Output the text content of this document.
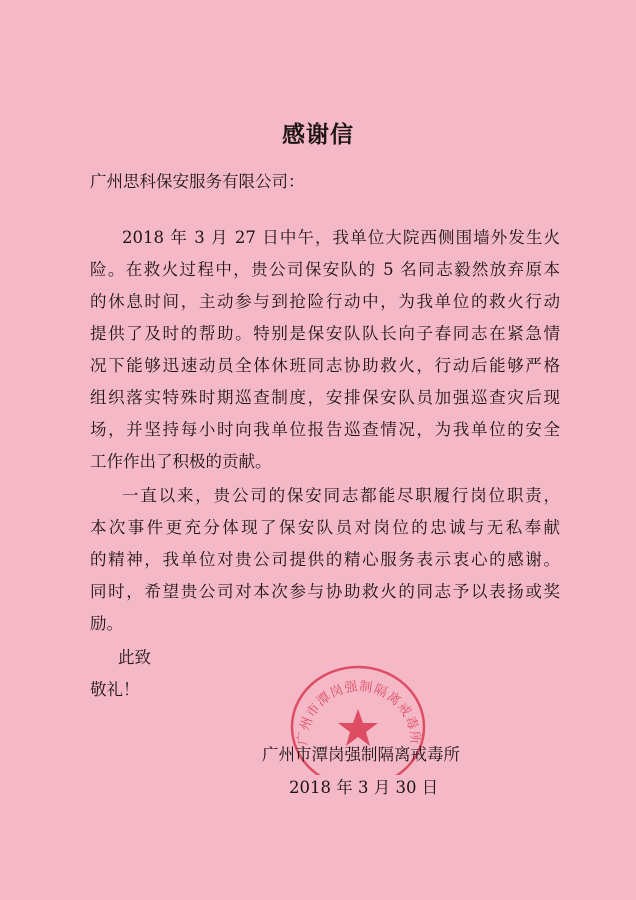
感谢信
广州思科保安服务有限公司：
2018 年 3 月 27 日中午，我单位大院西侧围墙外发生火
险。在救火过程中，贵公司保安队的 5 名同志毅然放弃原本
的休息时间，主动参与到抢险行动中，为我单位的救火行动
提供了及时的帮助。特别是保安队队长向子春同志在紧急情
况下能够迅速动员全体休班同志协助救火，行动后能够严格
组织落实特殊时期巡查制度，安排保安队员加强巡查灾后现
场，并坚持每小时向我单位报告巡查情况，为我单位的安全
工作作出了积极的贡献。
一直以来，贵公司的保安同志都能尽职履行岗位职责，
本次事件更充分体现了保安队员对岗位的忠诚与无私奉献
的精神，我单位对贵公司提供的精心服务表示衷心的感谢。
同时，希望贵公司对本次参与协助救火的同志予以表扬或奖
励。
此致
敬礼！
广州市潭岗强制隔离戒毒所
广州市潭岗强制隔离戒毒所
2018 年 3 月 30 日
